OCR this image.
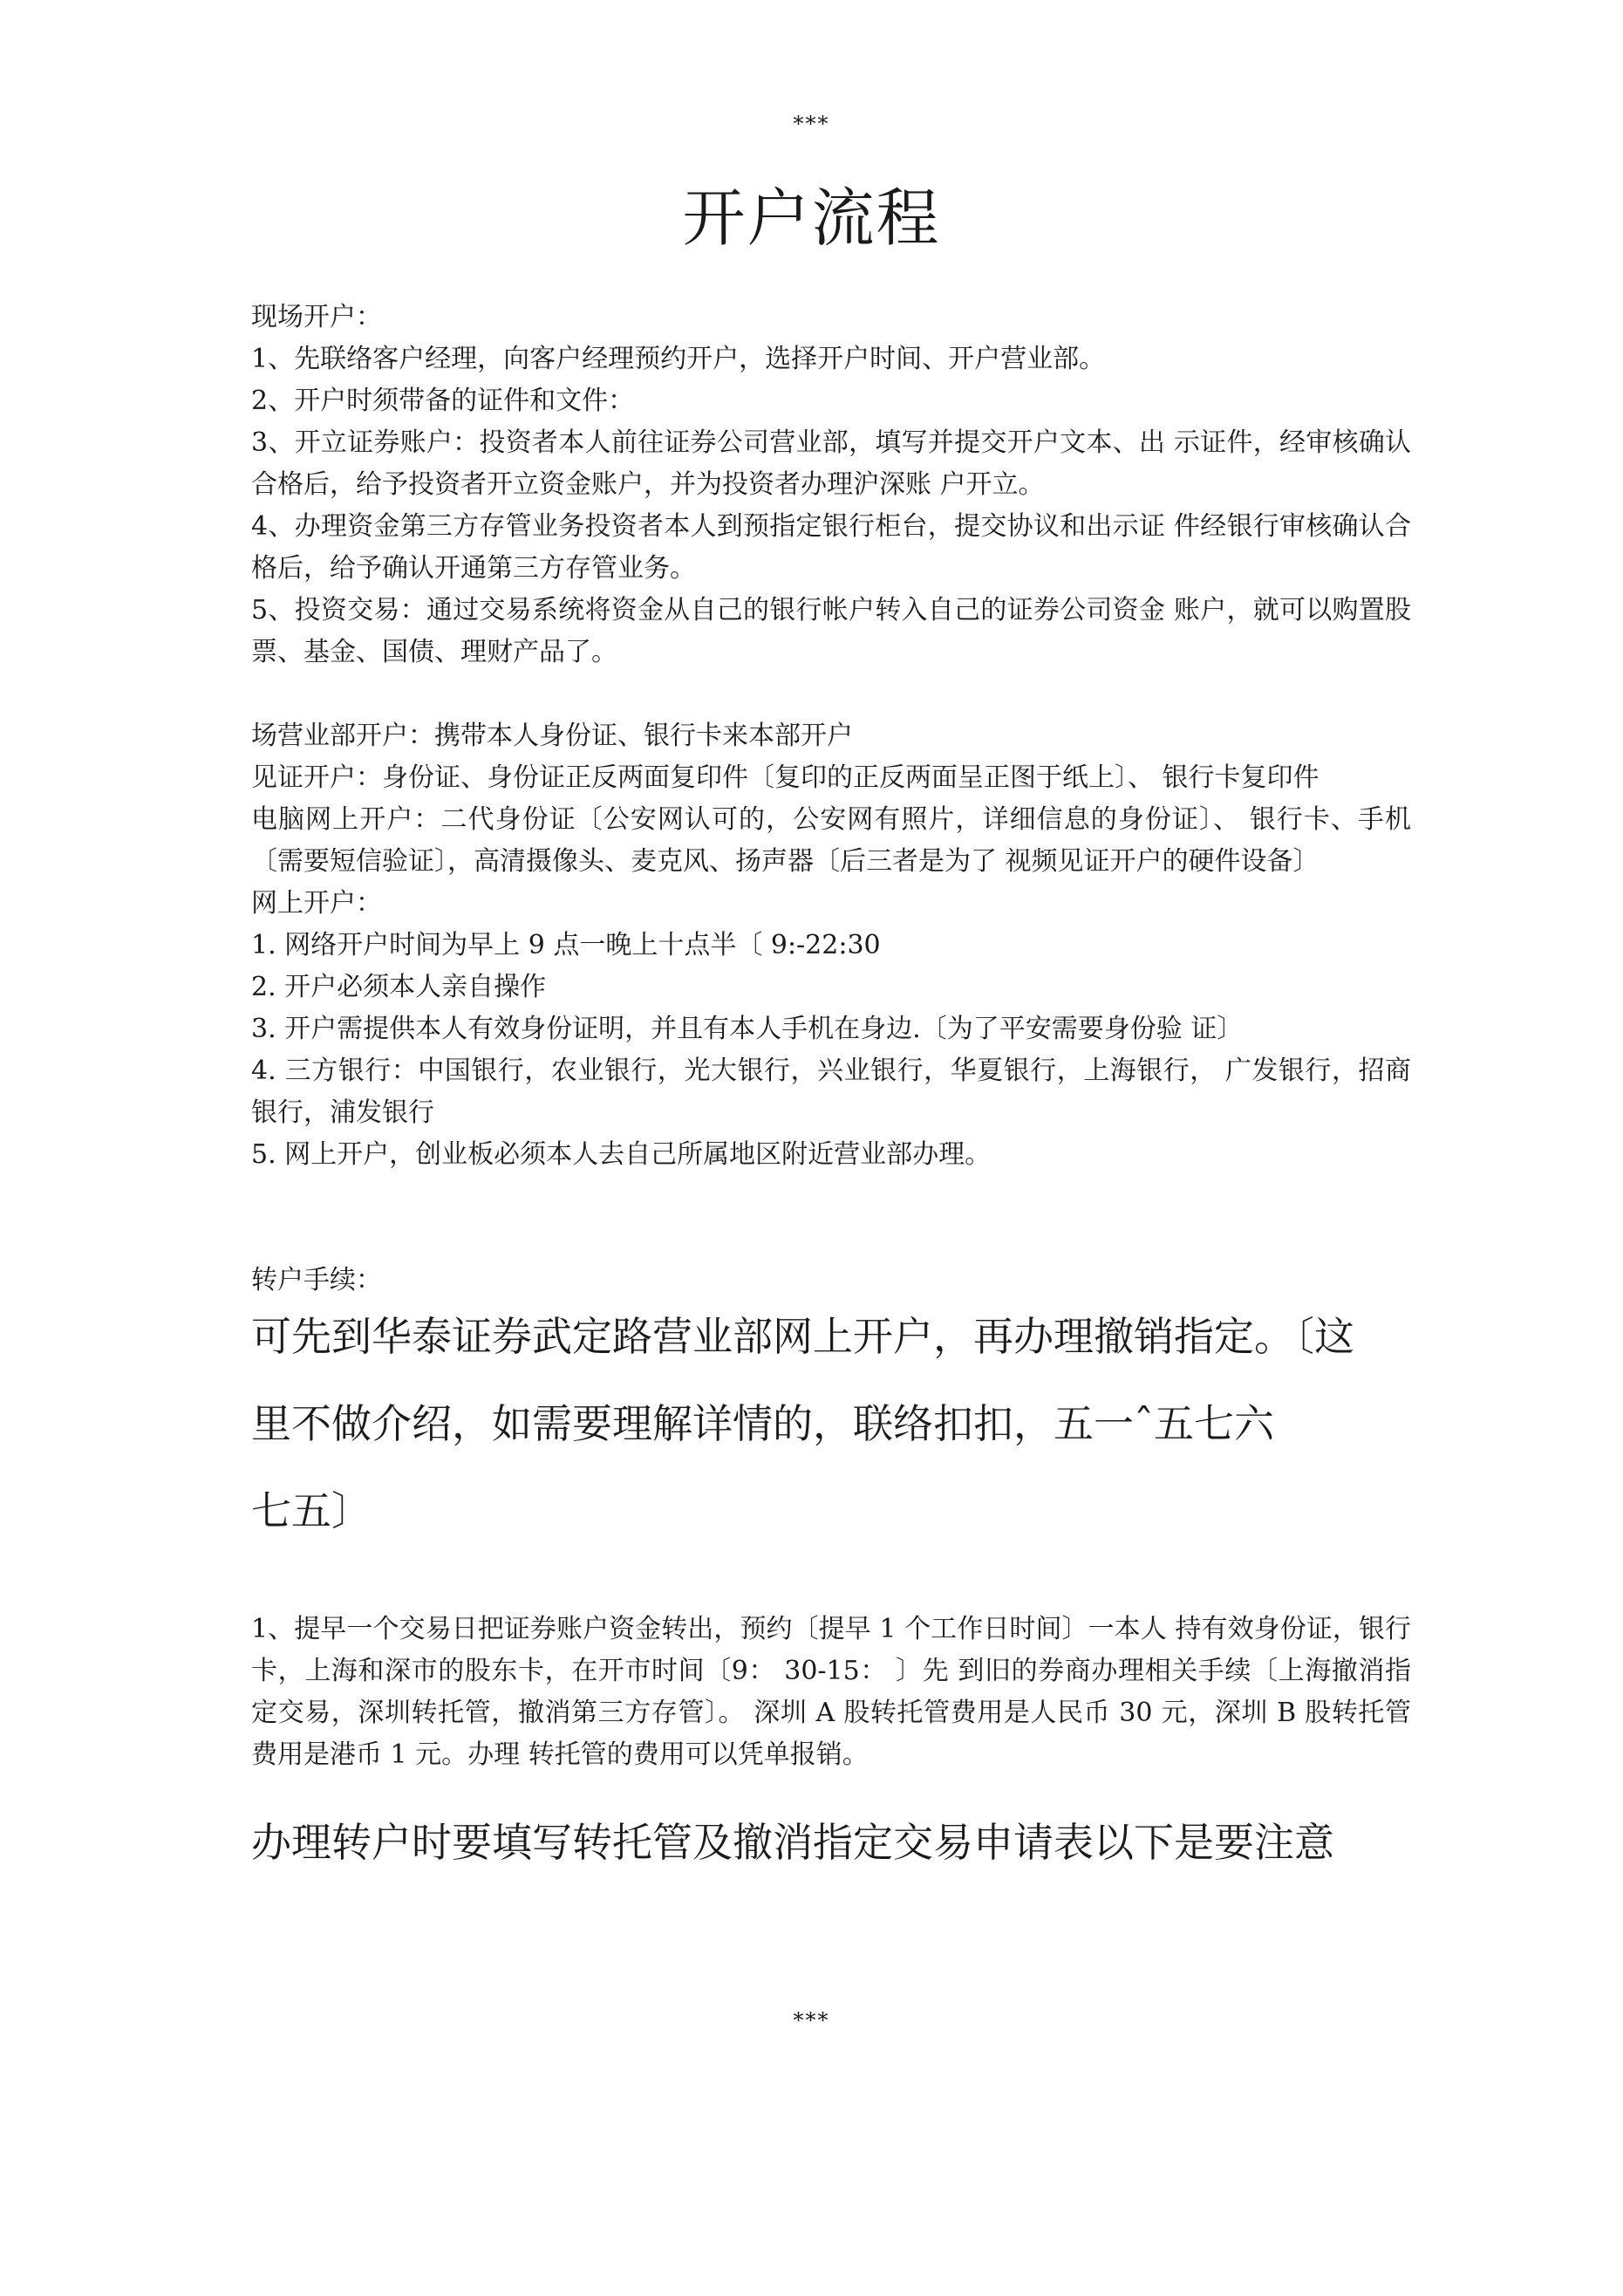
***
开户流程

现场开户：

1、先联络客户经理，向客户经理预约开户，选择开户时间、开户营业部。

2、开户时须带备的证件和文件：

3、开立证券账户：投资者本人前往证券公司营业部，填写并提交开户文本、出 示证件，经审核确认合格后，给予投资者开立资金账户，并为投资者办理沪深账 户开立。

4、办理资金第三方存管业务投资者本人到预指定银行柜台，提交协议和出示证 件经银行审核确认合格后，给予确认开通第三方存管业务。

5、投资交易：通过交易系统将资金从自己的银行帐户转入自己的证券公司资金 账户，就可以购置股票、基金、国债、理财产品了。

场营业部开户：携带本人身份证、银行卡来本部开户

见证开户：身份证、身份证正反两面复印件〔复印的正反两面呈正图于纸上〕、 银行卡复印件

电脑网上开户：二代身份证〔公安网认可的，公安网有照片，详细信息的身份证〕、 银行卡、手机〔需要短信验证〕，高清摄像头、麦克风、扬声器〔后三者是为了 视频见证开户的硬件设备〕

网上开户：

1. 网络开户时间为早上 9 点一晚上十点半〔 9:-22:30

2. 开户必须本人亲自操作

3. 开户需提供本人有效身份证明，并且有本人手机在身边.〔为了平安需要身份验 证〕

4. 三方银行：中国银行，农业银行，光大银行，兴业银行，华夏银行，上海银行， 广发银行，招商银行，浦发银行

5. 网上开户，创业板必须本人去自己所属地区附近营业部办理。

转户手续：

可先到华泰证券武定路营业部网上开户，再办理撤销指定。〔这

里不做介绍，如需要理解详情的，联络扣扣，五一ˆ五七六

七五〕

1、提早一个交易日把证券账户资金转出，预约〔提早 1 个工作日时间〕一本人 持有效身份证，银行卡，上海和深市的股东卡，在开市时间〔9： 30-15： 〕先 到旧的券商办理相关手续〔上海撤消指定交易，深圳转托管，撤消第三方存管〕。 深圳 A 股转托管费用是人民币 30 元，深圳 B 股转托管费用是港币 1 元。办理 转托管的费用可以凭单报销。

办理转户时要填写转托管及撤消指定交易申请表以下是要注意

***
